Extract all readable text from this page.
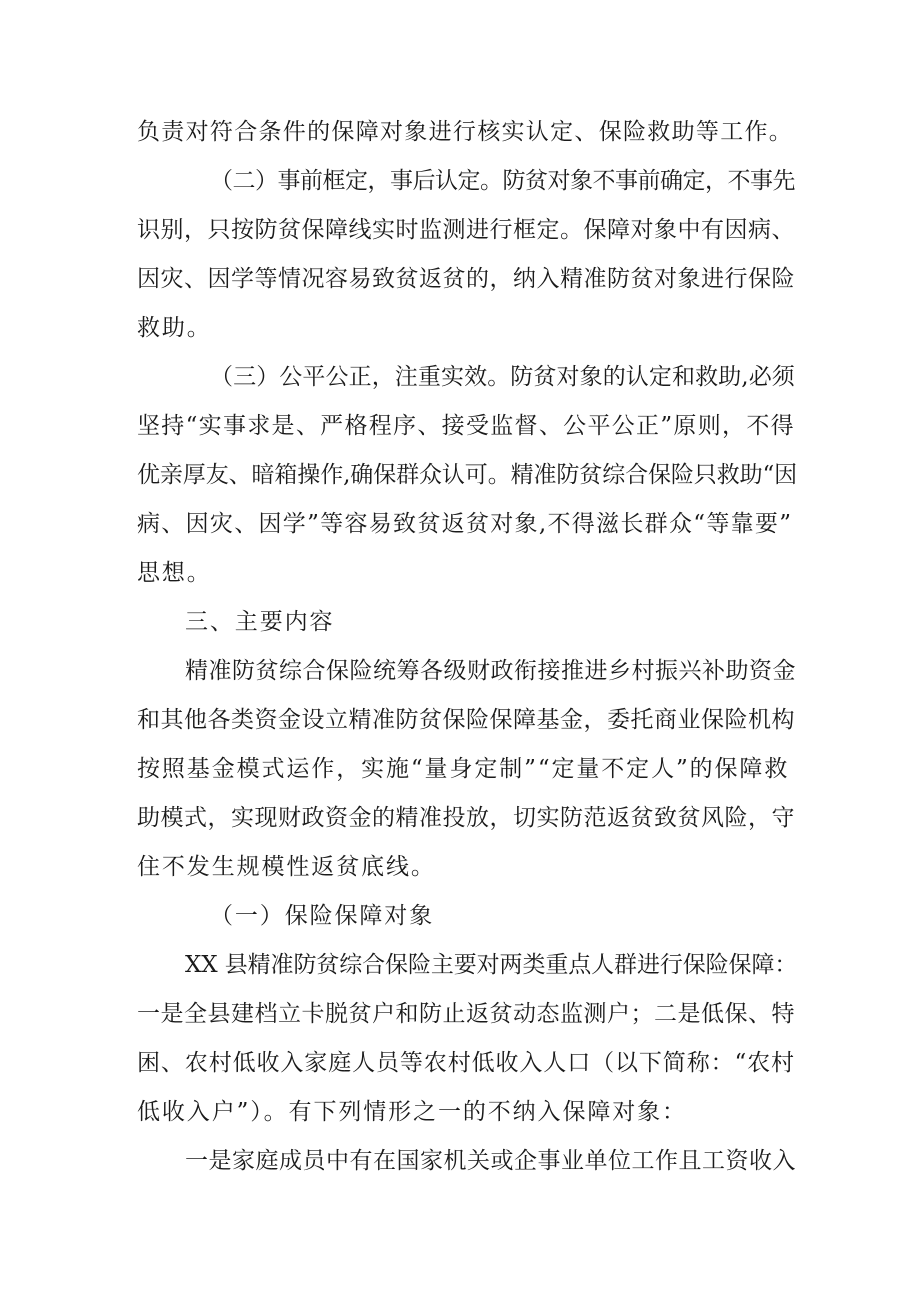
负责对符合条件的保障对象进行核实认定、保险救助等工作。
（二）事前框定，事后认定。防贫对象不事前确定，不事先
识别，只按防贫保障线实时监测进行框定。保障对象中有因病、
因灾、因学等情况容易致贫返贫的，纳入精准防贫对象进行保险
救助。
（三）公平公正，注重实效。防贫对象的认定和救助,必须
坚持“实事求是、严格程序、接受监督、公平公正”原则，不得
优亲厚友、暗箱操作,确保群众认可。精准防贫综合保险只救助“因
病、因灾、因学”等容易致贫返贫对象,不得滋长群众“等靠要”
思想。
三、主要内容
精准防贫综合保险统筹各级财政衔接推进乡村振兴补助资金
和其他各类资金设立精准防贫保险保障基金，委托商业保险机构
按照基金模式运作，实施“量身定制”“定量不定人”的保障救
助模式，实现财政资金的精准投放，切实防范返贫致贫风险，守
住不发生规模性返贫底线。
（一）保险保障对象
XX 县精准防贫综合保险主要对两类重点人群进行保险保障：
一是全县建档立卡脱贫户和防止返贫动态监测户；二是低保、特
困、农村低收入家庭人员等农村低收入人口（以下简称：“农村
低收入户”）。有下列情形之一的不纳入保障对象：
一是家庭成员中有在国家机关或企事业单位工作且工资收入
